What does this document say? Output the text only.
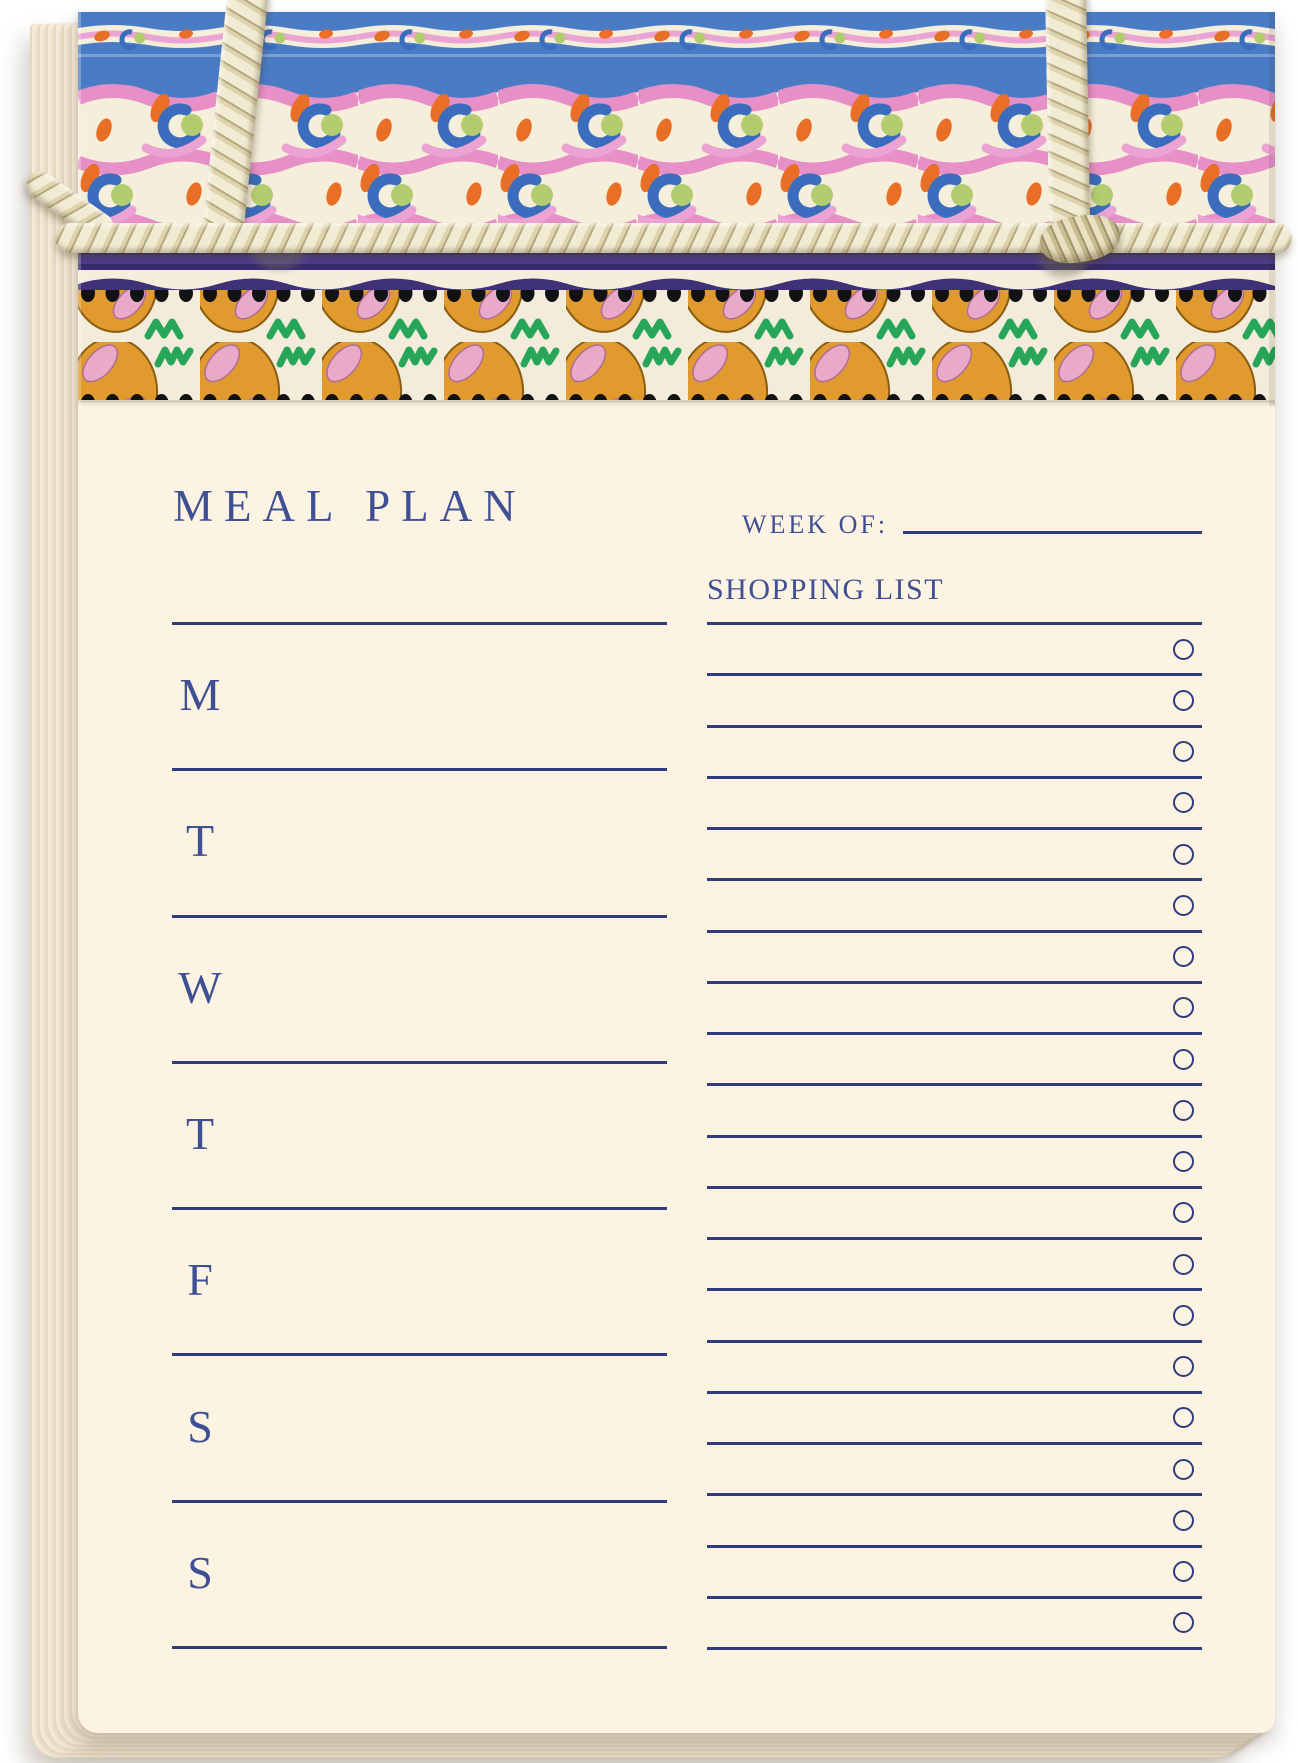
MEAL PLAN	WEEK OF:
SHOPPING LIST
M
T
W
T
F
S
S
